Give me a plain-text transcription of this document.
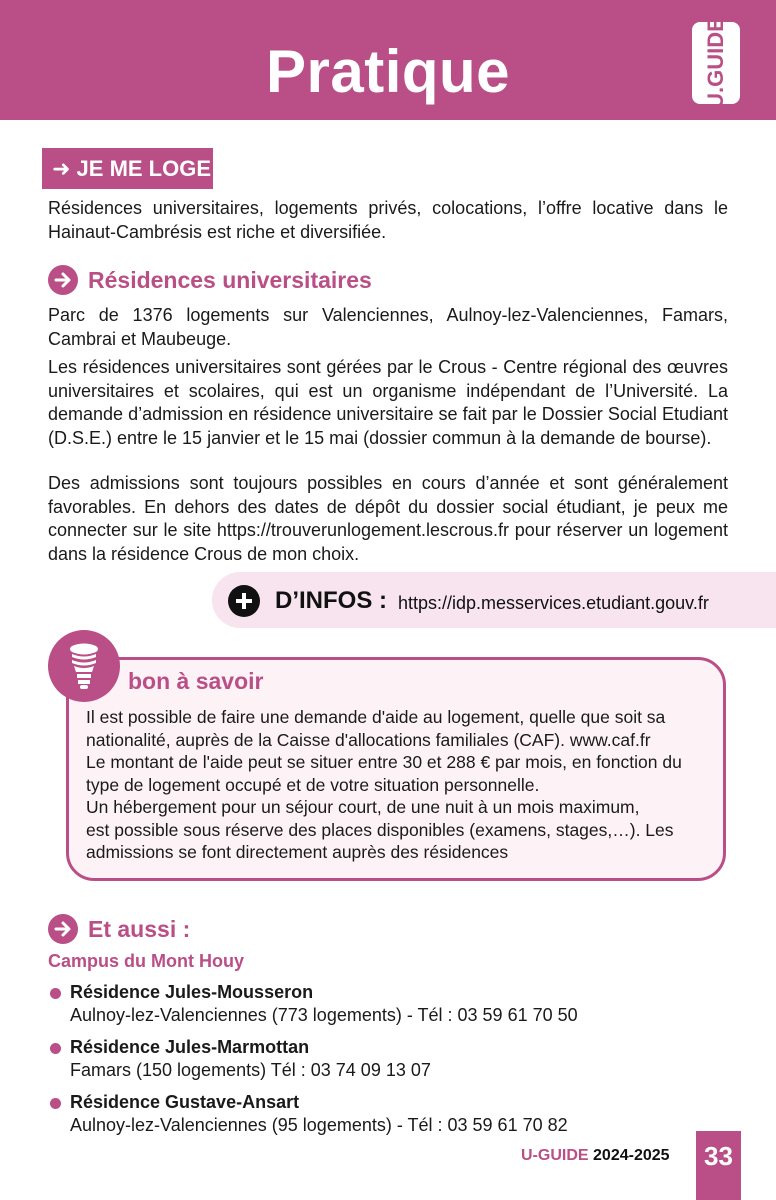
Pratique	U.GUIDE
➜ JE ME LOGE

Résidences universitaires, logements privés, colocations, l’offre locative dans le Hainaut-Cambrésis est riche et diversifiée.

Résidences universitaires

Parc de 1376 logements sur Valenciennes, Aulnoy-lez-Valenciennes, Famars, Cambrai et Maubeuge.

Les résidences universitaires sont gérées par le Crous - Centre régional des œuvres universitaires et scolaires, qui est un organisme indépendant de l’Université. La demande d’admission en résidence universitaire se fait par le Dossier Social Etudiant (D.S.E.) entre le 15 janvier et le 15 mai (dossier commun à la demande de bourse).

Des admissions sont toujours possibles en cours d’année et sont généralement favorables. En dehors des dates de dépôt du dossier social étudiant, je peux me connecter sur le site https://trouverunlogement.lescrous.fr pour réserver un logement dans la résidence Crous de mon choix.

D’INFOS : https://idp.messervices.etudiant.gouv.fr
bon à savoir
Il est possible de faire une demande d'aide au logement, quelle que soit sa
nationalité, auprès de la Caisse d'allocations familiales (CAF). www.caf.fr
Le montant de l'aide peut se situer entre 30 et 288 € par mois, en fonction du
type de logement occupé et de votre situation personnelle.
Un hébergement pour un séjour court, de une nuit à un mois maximum,
est possible sous réserve des places disponibles (examens, stages,…). Les
admissions se font directement auprès des résidences
Et aussi :
Campus du Mont Houy
Résidence Jules-Mousseron
Aulnoy-lez-Valenciennes (773 logements) - Tél : 03 59 61 70 50
Résidence Jules-Marmottan
Famars (150 logements) Tél : 03 74 09 13 07
Résidence Gustave-Ansart
Aulnoy-lez-Valenciennes (95 logements) - Tél : 03 59 61 70 82
U-GUIDE 2024-2025	33
